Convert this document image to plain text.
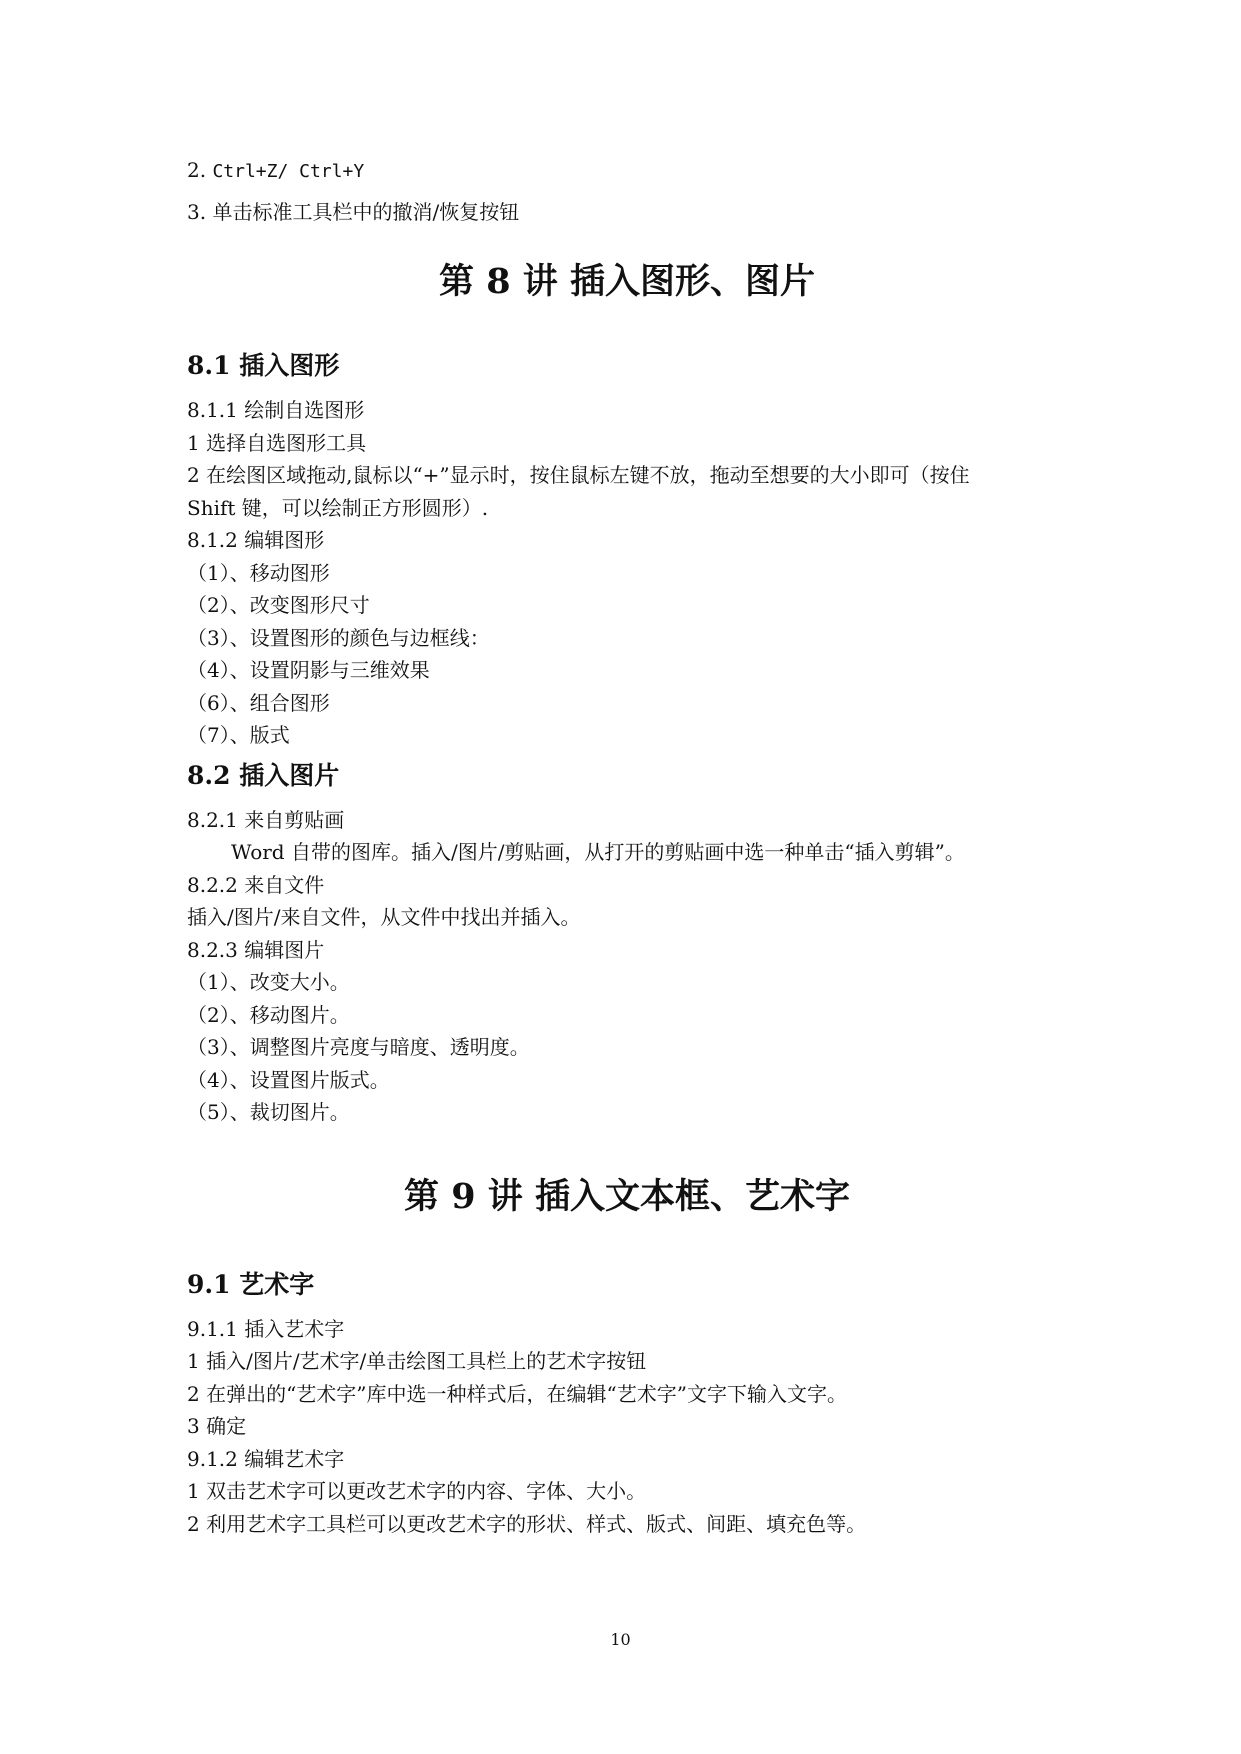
2. Ctrl+Z/ Ctrl+Y
3. 单击标准工具栏中的撤消/恢复按钮
第 8 讲 插入图形、图片
8.1 插入图形
8.1.1 绘制自选图形
1 选择自选图形工具
2 在绘图区域拖动,鼠标以“+”显示时，按住鼠标左键不放，拖动至想要的大小即可（按住
Shift 键，可以绘制正方形圆形）.
8.1.2 编辑图形
（1）、移动图形
（2）、改变图形尺寸
（3）、设置图形的颜色与边框线：
（4）、设置阴影与三维效果
（6）、组合图形
（7）、版式
8.2 插入图片
8.2.1 来自剪贴画
Word 自带的图库。插入/图片/剪贴画，从打开的剪贴画中选一种单击“插入剪辑”。
8.2.2 来自文件
插入/图片/来自文件，从文件中找出并插入。
8.2.3 编辑图片
（1）、改变大小。
（2）、移动图片。
（3）、调整图片亮度与暗度、透明度。
（4）、设置图片版式。
（5）、裁切图片。
第 9 讲 插入文本框、艺术字
9.1 艺术字
9.1.1 插入艺术字
1 插入/图片/艺术字/单击绘图工具栏上的艺术字按钮
2 在弹出的“艺术字”库中选一种样式后，在编辑“艺术字”文字下输入文字。
3 确定
9.1.2 编辑艺术字
1 双击艺术字可以更改艺术字的内容、字体、大小。
2 利用艺术字工具栏可以更改艺术字的形状、样式、版式、间距、填充色等。
10
